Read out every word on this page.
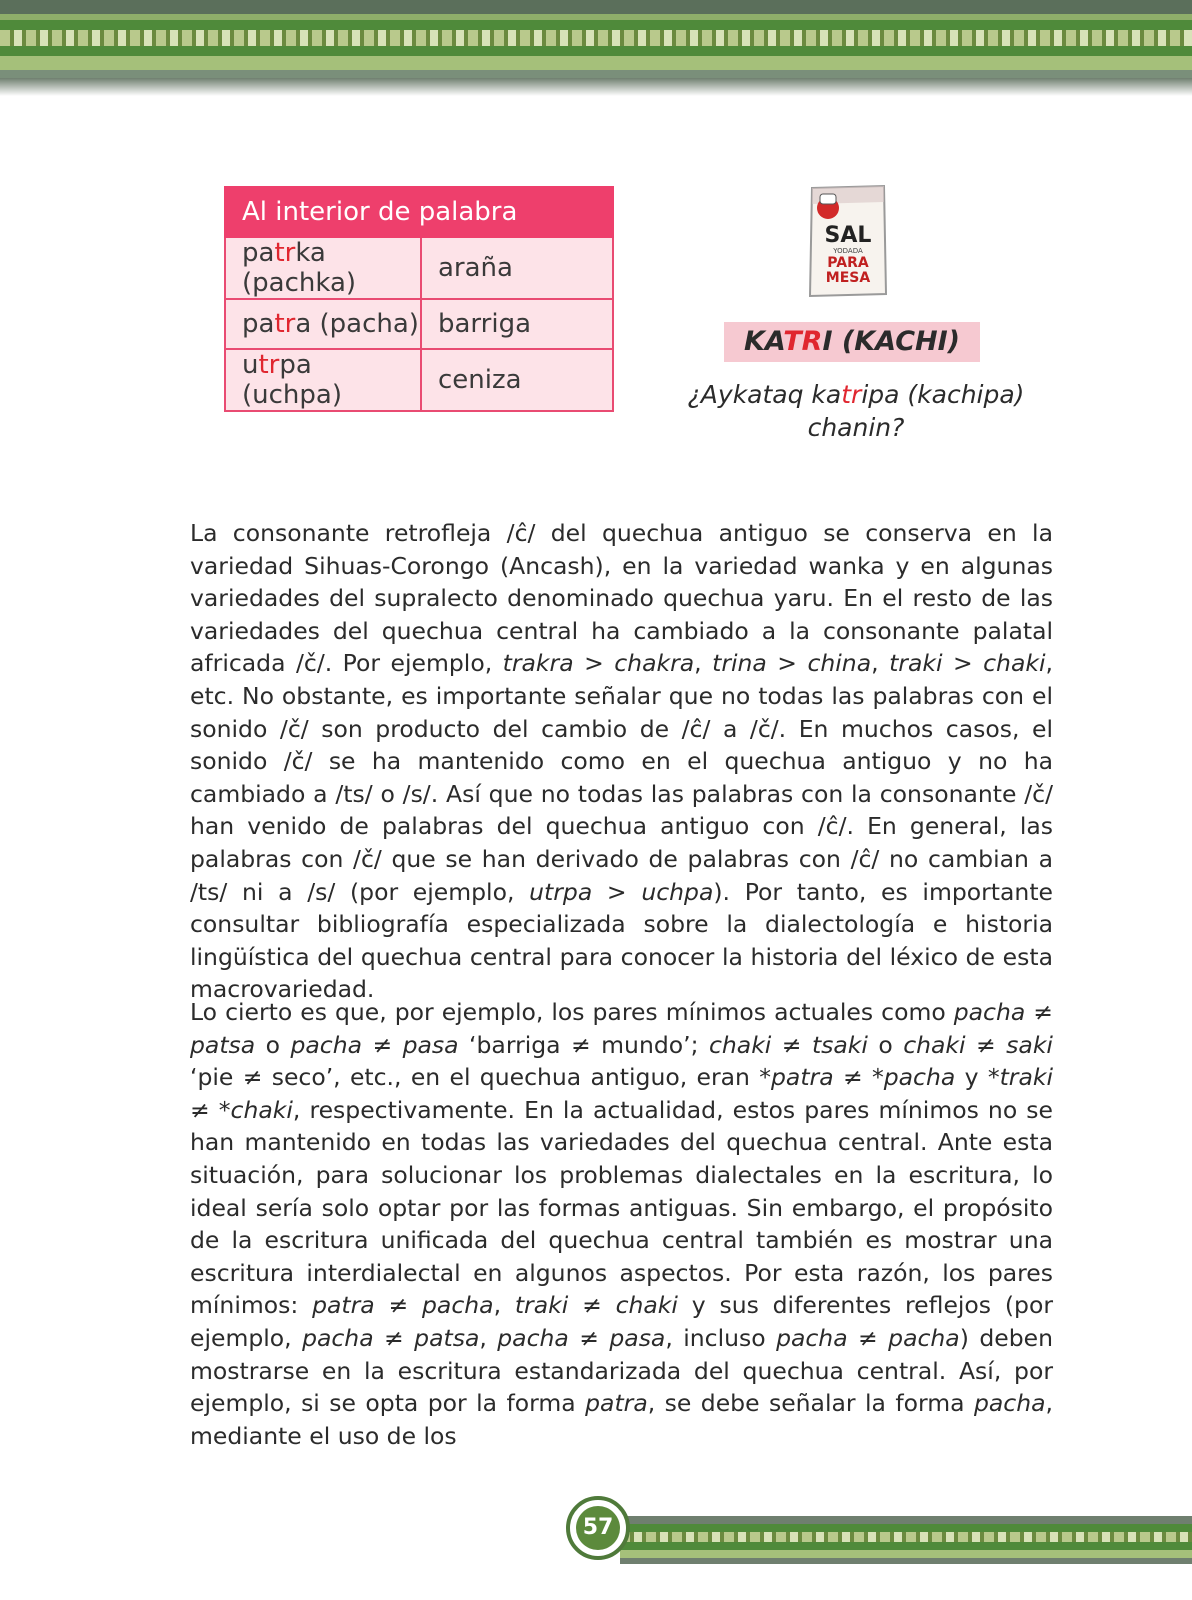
Al interior de palabra	
patrka (pachka)	araña
patra (pacha)	barriga
utrpa (uchpa)	ceniza
SAL
YODADA
PARA
MESA
KATRI (KACHI)
¿Aykataq katripa (kachipa)
chanin?

La consonante retrofleja /ĉ/ del quechua antiguo se conserva en la variedad Sihuas-Corongo (Ancash), en la variedad wanka y en algunas variedades del supralecto denominado quechua yaru. En el resto de las variedades del quechua central ha cambiado a la consonante palatal africada /č/. Por ejemplo, trakra > chakra, trina > china, traki > chaki, etc. No obstante, es importante señalar que no todas las palabras con el sonido /č/ son producto del cambio de /ĉ/ a /č/. En muchos casos, el sonido /č/ se ha mantenido como en el quechua antiguo y no ha cambiado a /ts/ o /s/. Así que no todas las palabras con la consonante /č/ han venido de palabras del quechua antiguo con /ĉ/. En general, las palabras con /č/ que se han derivado de palabras con /ĉ/ no cambian a /ts/ ni a /s/ (por ejemplo, utrpa > uchpa). Por tanto, es importante consultar bibliografía especializada sobre la dialectología e historia lingüística del quechua central para conocer la historia del léxico de esta macrovariedad.

Lo cierto es que, por ejemplo, los pares mínimos actuales como pacha ≠ patsa o pacha ≠ pasa ‘barriga ≠ mundo’; chaki ≠ tsaki o chaki ≠ saki ‘pie ≠ seco’, etc., en el quechua antiguo, eran *patra ≠ *pacha y *traki ≠ *chaki, respectivamente. En la actualidad, estos pares mínimos no se han mantenido en todas las variedades del quechua central. Ante esta situación, para solucionar los problemas dialectales en la escritura, lo ideal sería solo optar por las formas antiguas. Sin embargo, el propósito de la escritura unificada del quechua central también es mostrar una escritura interdialectal en algunos aspectos. Por esta razón, los pares mínimos: patra ≠ pacha, traki ≠ chaki y sus diferentes reflejos (por ejemplo, pacha ≠ patsa, pacha ≠ pasa, incluso pacha ≠ pacha) deben mostrarse en la escritura estandarizada del quechua central. Así, por ejemplo, si se opta por la forma patra, se debe señalar la forma pacha, mediante el uso de los

57
